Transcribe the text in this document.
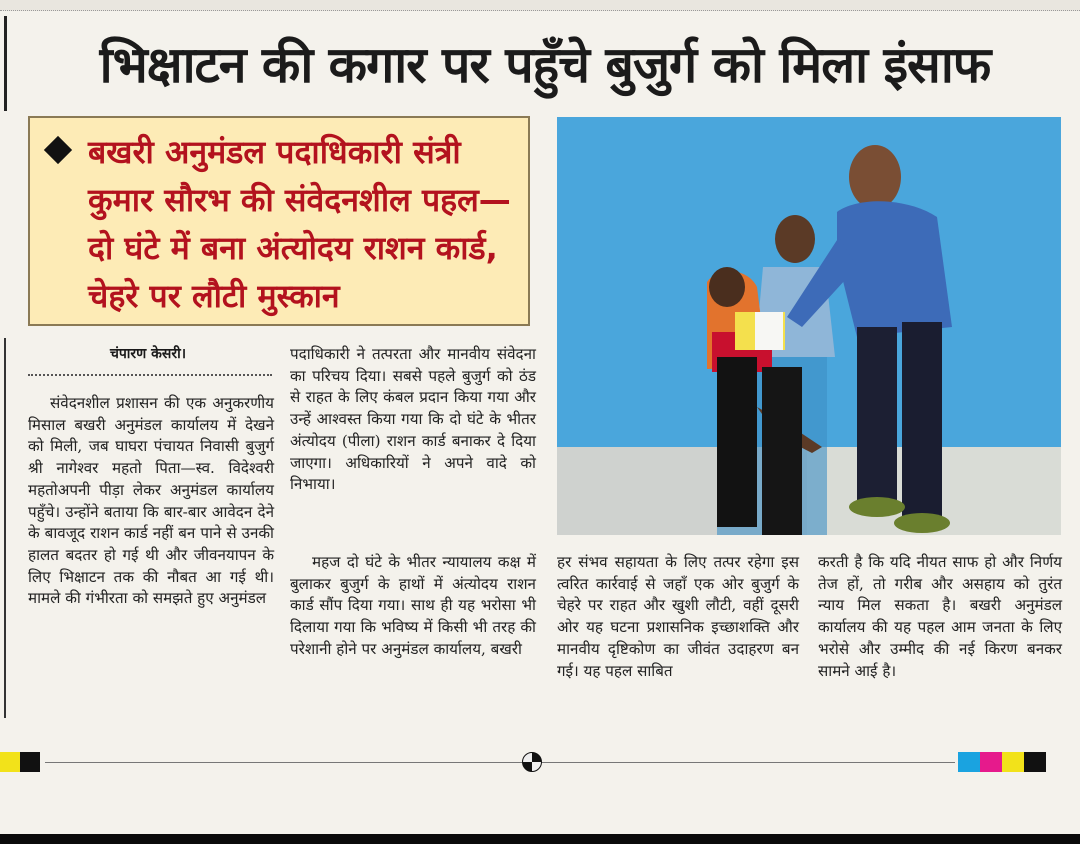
भिक्षाटन की कगार पर पहुँचे बुजुर्ग को मिला इंसाफ

बखरी अनुमंडल पदाधिकारी संत्री कुमार सौरभ की संवेदनशील पहल—दो घंटे में बना अंत्योदय राशन कार्ड, चेहरे पर लौटी मुस्कान

चंपारण केसरी।

संवेदनशील प्रशासन की एक अनुकरणीय मिसाल बखरी अनुमंडल कार्यालय में देखने को मिली, जब घाघरा पंचायत निवासी बुजुर्ग श्री नागेश्वर महतो पिता—स्व. विदेश्वरी महतोअपनी पीड़ा लेकर अनुमंडल कार्यालय पहुँचे। उन्होंने बताया कि बार-बार आवेदन देने के बावजूद राशन कार्ड नहीं बन पाने से उनकी हालत बदतर हो गई थी और जीवनयापन के लिए भिक्षाटन तक की नौबत आ गई थी। मामले की गंभीरता को समझते हुए अनुमंडल

पदाधिकारी ने तत्परता और मानवीय संवेदना का परिचय दिया। सबसे पहले बुजुर्ग को ठंड से राहत के लिए कंबल प्रदान किया गया और उन्हें आश्वस्त किया गया कि दो घंटे के भीतर अंत्योदय (पीला) राशन कार्ड बनाकर दे दिया जाएगा। अधिकारियों ने अपने वादे को निभाया।

महज दो घंटे के भीतर न्यायालय कक्ष में बुलाकर बुजुर्ग के हाथों में अंत्योदय राशन कार्ड सौंप दिया गया। साथ ही यह भरोसा भी दिलाया गया कि भविष्य में किसी भी तरह की परेशानी होने पर अनुमंडल कार्यालय, बखरी

हर संभव सहायता के लिए तत्पर रहेगा इस त्वरित कार्रवाई से जहाँ एक ओर बुजुर्ग के चेहरे पर राहत और खुशी लौटी, वहीं दूसरी ओर यह घटना प्रशासनिक इच्छाशक्ति और मानवीय दृष्टिकोण का जीवंत उदाहरण बन गई। यह पहल साबित

करती है कि यदि नीयत साफ हो और निर्णय तेज हों, तो गरीब और असहाय को तुरंत न्याय मिल सकता है। बखरी अनुमंडल कार्यालय की यह पहल आम जनता के लिए भरोसे और उम्मीद की नई किरण बनकर सामने आई है।
